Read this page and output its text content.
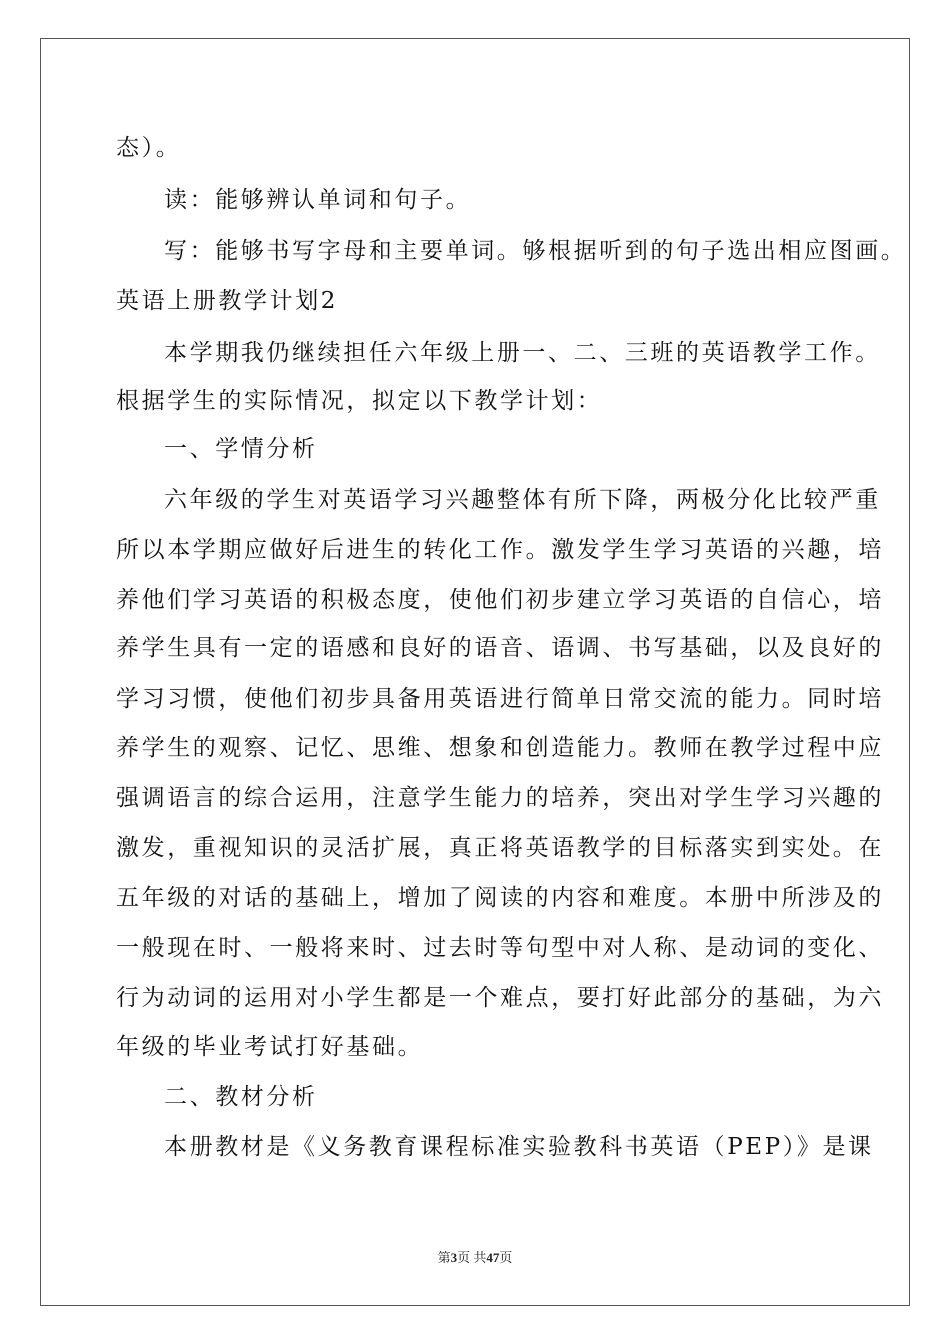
态）。
读：能够辨认单词和句子。
写：能够书写字母和主要单词。够根据听到的句子选出相应图画。
英语上册教学计划2
本学期我仍继续担任六年级上册一、二、三班的英语教学工作。
根据学生的实际情况，拟定以下教学计划：
一、学情分析
六年级的学生对英语学习兴趣整体有所下降，两极分化比较严重
所以本学期应做好后进生的转化工作。激发学生学习英语的兴趣，培
养他们学习英语的积极态度，使他们初步建立学习英语的自信心，培
养学生具有一定的语感和良好的语音、语调、书写基础，以及良好的
学习习惯，使他们初步具备用英语进行简单日常交流的能力。同时培
养学生的观察、记忆、思维、想象和创造能力。教师在教学过程中应
强调语言的综合运用，注意学生能力的培养，突出对学生学习兴趣的
激发，重视知识的灵活扩展，真正将英语教学的目标落实到实处。在
五年级的对话的基础上，增加了阅读的内容和难度。本册中所涉及的
一般现在时、一般将来时、过去时等句型中对人称、是动词的变化、
行为动词的运用对小学生都是一个难点，要打好此部分的基础，为六
年级的毕业考试打好基础。
二、教材分析
本册教材是《义务教育课程标准实验教科书英语（PEP）》是课
第3页 共47页
